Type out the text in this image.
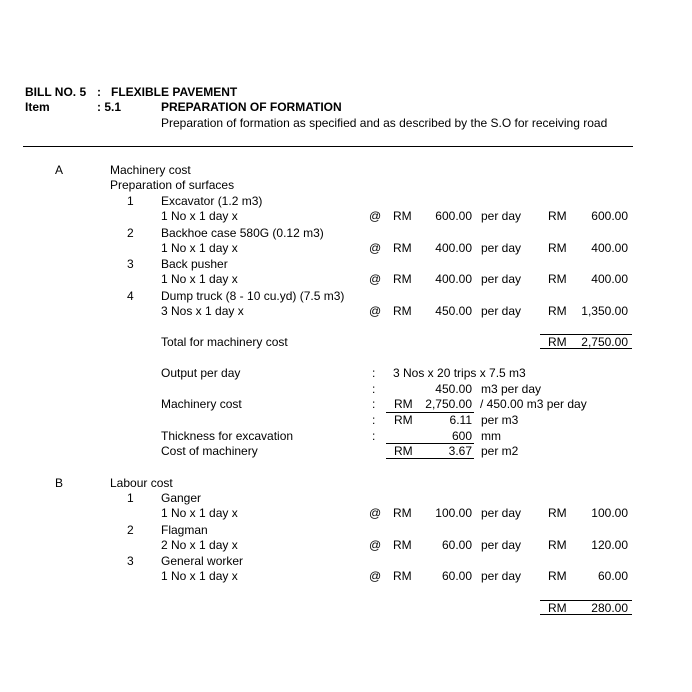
BILL NO. 5 : FLEXIBLE PAVEMENT
Item	: 5.1	PREPARATION OF FORMATION
Preparation of formation as specified and as described by the S.O for receiving road
A	Machinery cost
Preparation of surfaces
1 Excavator (1.2 m3)
1 No x 1 day x	@ RM	600.00 per day RM	600.00
2 Backhoe case 580G (0.12 m3)
1 No x 1 day x	@ RM	400.00 per day RM	400.00
3 Back pusher
1 No x 1 day x	@ RM	400.00 per day RM	400.00
4 Dump truck (8 - 10 cu.yd) (7.5 m3)
3 Nos x 1 day x	@ RM	450.00 per day RM	1,350.00
Total for machinery cost	RM	2,750.00
Output per day	: 3 Nos x 20 trips x 7.5 m3
:	450.00 m3 per day
Machinery cost	: RM	2,750.00 / 450.00 m3 per day
: RM	6.11 per m3
Thickness for excavation	:	600 mm
Cost of machinery	RM	3.67 per m2
B	Labour cost
1 Ganger
1 No x 1 day x	@ RM	100.00 per day RM	100.00
2 Flagman
2 No x 1 day x	@ RM	60.00 per day RM	120.00
3 General worker
1 No x 1 day x	@ RM	60.00 per day RM	60.00
RM	280.00
